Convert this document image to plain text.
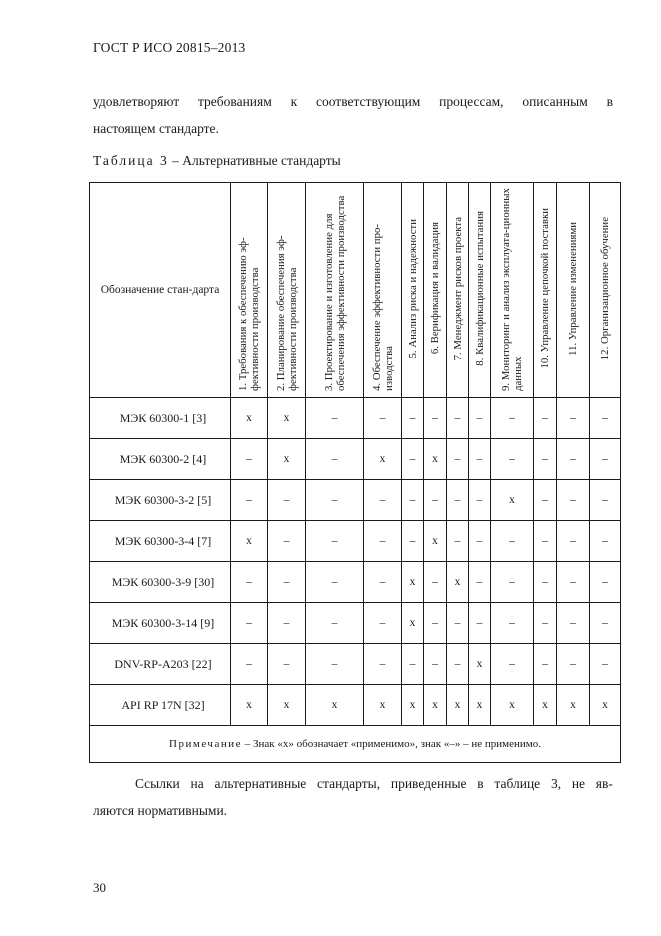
ГОСТ Р ИСО 20815–2013
удовлетворяют требованиям к соответствующим процессам, описанным в
настоящем стандарте.
Таблица 3 – Альтернативные стандарты
Обозначение стан-дарта	1. Требования к обеспечению эф-фективности производства	2. Планирование обеспечения эф-фективности производства	3. Проектирование и изготовление для обеспечения эффективности производства	4. Обеспечение эффективности про-изводства	5. Анализ риска и надежности	6. Верификация и валидация	7. Менеджмент рисков проекта	8. Квалификационные испытания	9. Мониторинг и анализ эксплуата-ционных данных	10. Управление цепочкой поставки	11. Управление изменениями	12. Организационное обучение
МЭК 60300-1 [3]	x	x	–	–	–	–	–	–	–	–	–	–
МЭК 60300-2 [4]	–	x	–	x	–	x	–	–	–	–	–	–
МЭК 60300-3-2 [5]	–	–	–	–	–	–	–	–	x	–	–	–
МЭК 60300-3-4 [7]	x	–	–	–	–	x	–	–	–	–	–	–
МЭК 60300-3-9 [30]	–	–	–	–	x	–	x	–	–	–	–	–
МЭК 60300-3-14 [9]	–	–	–	–	x	–	–	–	–	–	–	–
DNV-RP-A203 [22]	–	–	–	–	–	–	–	x	–	–	–	–
API RP 17N [32]	x	x	x	x	x	x	x	x	x	x	x	x
Примечание – Знак «х» обозначает «применимо», знак «–» – не применимо.												
Ссылки на альтернативные стандарты, приведенные в таблице 3, не яв-
ляются нормативными.
30
